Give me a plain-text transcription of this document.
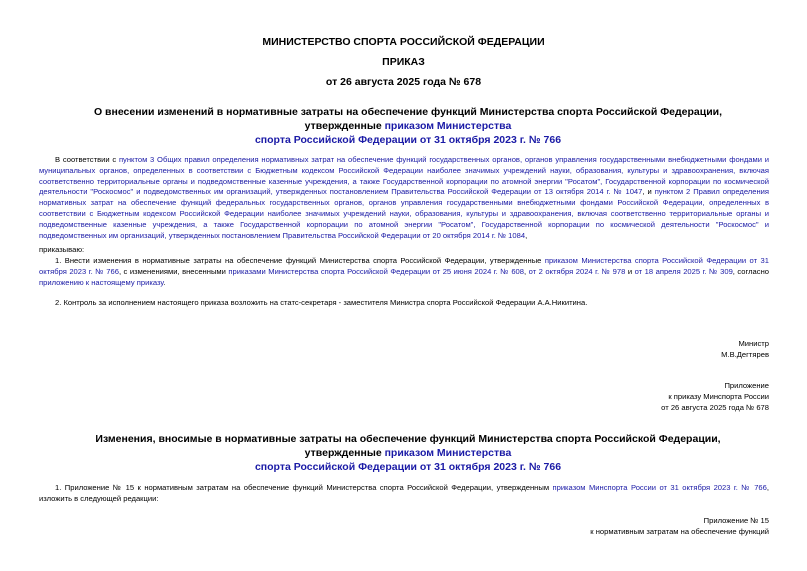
МИНИСТЕРСТВО СПОРТА РОССИЙСКОЙ ФЕДЕРАЦИИ
ПРИКАЗ
от 26 августа 2025 года № 678
О внесении изменений в нормативные затраты на обеспечение функций Министерства спорта Российской Федерации, утвержденные приказом Министерства
спорта Российской Федерации от 31 октября 2023 г. № 766
В соответствии с пунктом 3 Общих правил определения нормативных затрат на обеспечение функций государственных органов, органов управления государственными внебюджетными фондами и муниципальных органов, определенных в соответствии с Бюджетным кодексом Российской Федерации наиболее значимых учреждений науки, образования, культуры и здравоохранения, включая соответственно территориальные органы и подведомственные казенные учреждения, а также Государственной корпорации по атомной энергии "Росатом", Государственной корпорации по космической деятельности "Роскосмос" и подведомственных им организаций, утвержденных постановлением Правительства Российской Федерации от 13 октября 2014 г. № 1047, и пунктом 2 Правил определения нормативных затрат на обеспечение функций федеральных государственных органов, органов управления государственными внебюджетными фондами Российской Федерации, определенных в соответствии с Бюджетным кодексом Российской Федерации наиболее значимых учреждений науки, образования, культуры и здравоохранения, включая соответственно территориальные органы и подведомственные казенные учреждения, а также Государственной корпорации по атомной энергии "Росатом", Государственной корпорации по космической деятельности "Роскосмос" и подведомственных им организаций, утвержденных постановлением Правительства Российской Федерации от 20 октября 2014 г. № 1084,
приказываю:
1. Внести изменения в нормативные затраты на обеспечение функций Министерства спорта Российской Федерации, утвержденные приказом Министерства спорта Российской Федерации от 31 октября 2023 г. № 766, с изменениями, внесенными приказами Министерства спорта Российской Федерации от 25 июня 2024 г. № 608, от 2 октября 2024 г. № 978 и от 18 апреля 2025 г. № 309, согласно приложению к настоящему приказу.
2. Контроль за исполнением настоящего приказа возложить на статс-секретаря - заместителя Министра спорта Российской Федерации А.А.Никитина.
Министр
М.В.Дегтярев
Приложение
к приказу Минспорта России
от 26 августа 2025 года № 678
Изменения, вносимые в нормативные затраты на обеспечение функций Министерства спорта Российской Федерации, утвержденные приказом Министерства
спорта Российской Федерации от 31 октября 2023 г. № 766
1. Приложение № 15 к нормативным затратам на обеспечение функций Министерства спорта Российской Федерации, утвержденным приказом Минспорта России от 31 октября 2023 г. № 766, изложить в следующей редакции:
Приложение № 15
к нормативным затратам на обеспечение функций
